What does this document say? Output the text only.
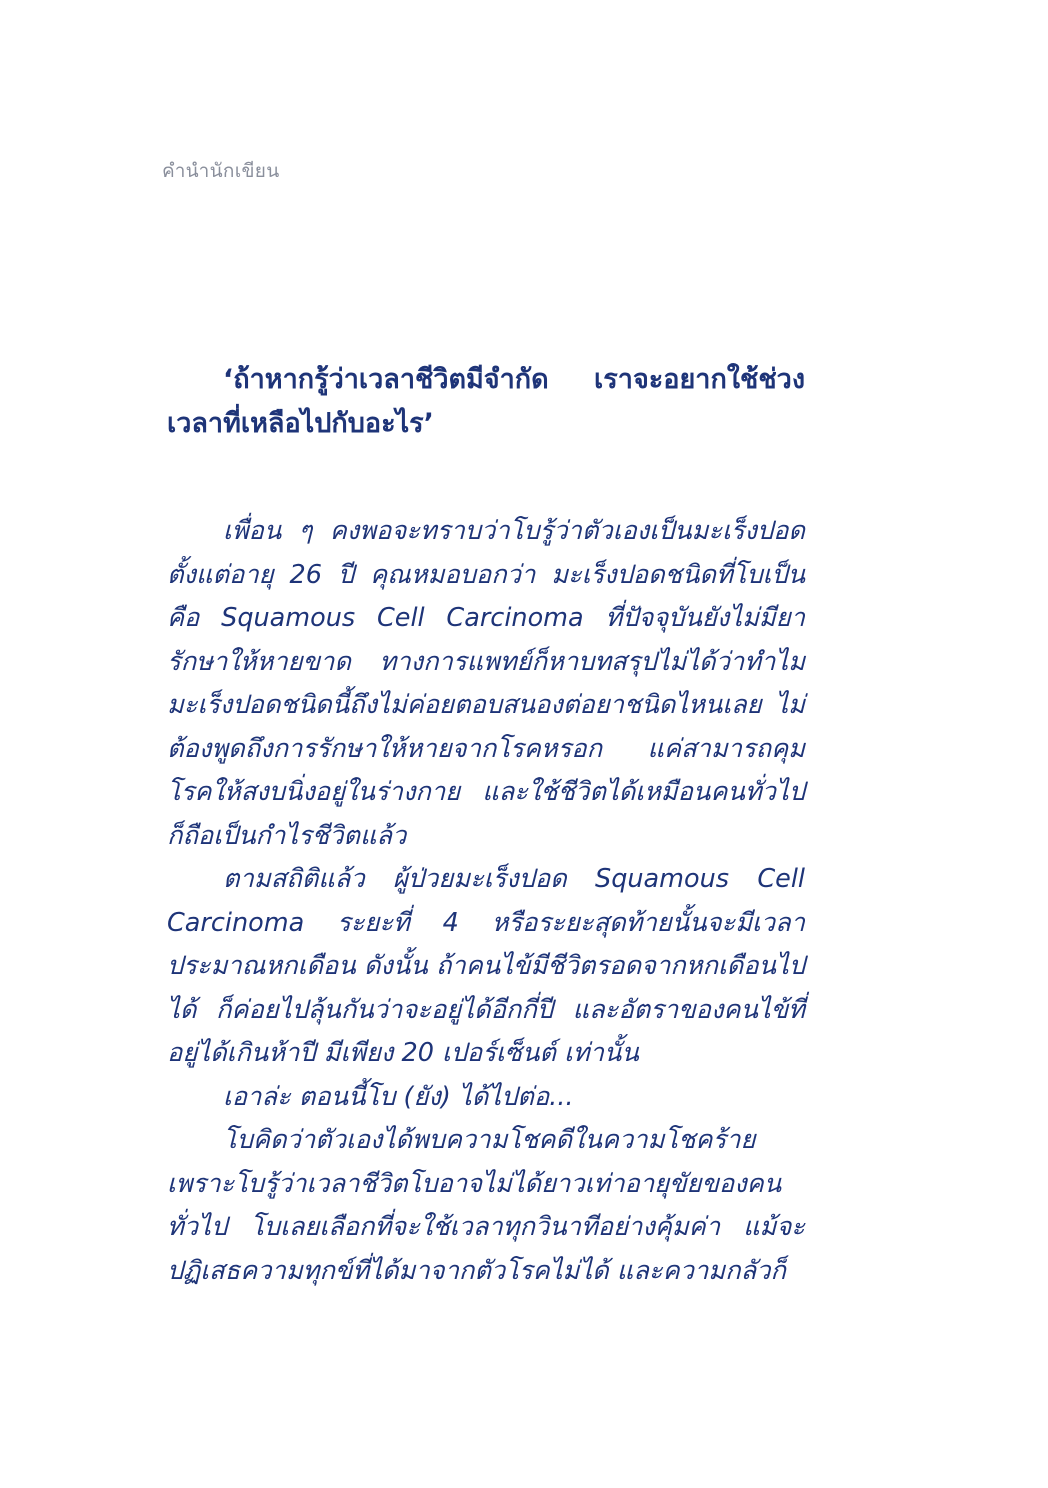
คำนำนักเขียน

‘ถ้าหากรู้ว่าเวลาชีวิตมีจำกัด เราจะอยากใช้ช่วงเวลาที่เหลือไปกับอะไร’

เพื่อน ๆ คงพอจะทราบว่าโบรู้ว่าตัวเองเป็นมะเร็งปอดตั้งแต่อายุ 26 ปี คุณหมอบอกว่า มะเร็งปอดชนิดที่โบเป็นคือ Squamous Cell Carcinoma ที่ปัจจุบันยังไม่มียารักษาให้หายขาด ทางการแพทย์ก็หาบทสรุปไม่ได้ว่าทำไมมะเร็งปอดชนิดนี้ถึงไม่ค่อยตอบสนองต่อยาชนิดไหนเลย ไม่ต้องพูดถึงการรักษาให้หายจากโรคหรอก แค่สามารถคุมโรคให้สงบนิ่งอยู่ในร่างกาย และใช้ชีวิตได้เหมือนคนทั่วไปก็ถือเป็นกำไรชีวิตแล้ว

ตามสถิติแล้ว ผู้ป่วยมะเร็งปอด Squamous Cell Carcinoma ระยะที่ 4 หรือระยะสุดท้ายนั้นจะมีเวลาประมาณหกเดือน ดังนั้น ถ้าคนไข้มีชีวิตรอดจากหกเดือนไปได้ ก็ค่อยไปลุ้นกันว่าจะอยู่ได้อีกกี่ปี และอัตราของคนไข้ที่อยู่ได้เกินห้าปี มีเพียง 20 เปอร์เซ็นต์ เท่านั้น

เอาล่ะ ตอนนี้โบ (ยัง) ได้ไปต่อ...

โบคิดว่าตัวเองได้พบความโชคดีในความโชคร้าย เพราะโบรู้ว่าเวลาชีวิตโบอาจไม่ได้ยาวเท่าอายุขัยของคนทั่วไป โบเลยเลือกที่จะใช้เวลาทุกวินาทีอย่างคุ้มค่า แม้จะปฏิเสธความทุกข์ที่ได้มาจากตัวโรคไม่ได้ และความกลัวก็
